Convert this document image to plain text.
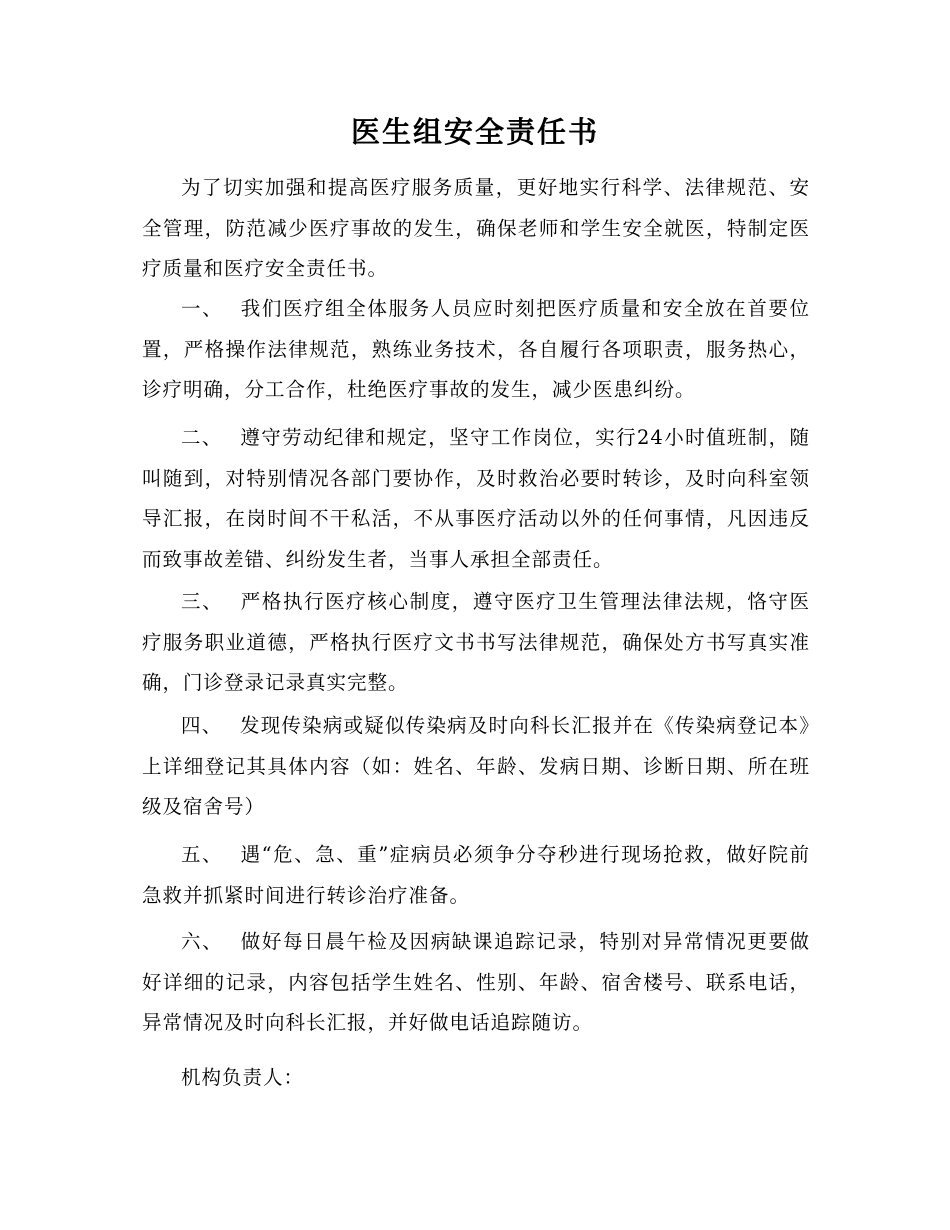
医生组安全责任书

为了切实加强和提高医疗服务质量，更好地实行科学、法律规范、安全管理，防范减少医疗事故的发生，确保老师和学生安全就医，特制定医疗质量和医疗安全责任书。

一、 我们医疗组全体服务人员应时刻把医疗质量和安全放在首要位置，严格操作法律规范，熟练业务技术，各自履行各项职责，服务热心，诊疗明确，分工合作，杜绝医疗事故的发生，减少医患纠纷。

二、 遵守劳动纪律和规定，坚守工作岗位，实行24小时值班制，随叫随到，对特别情况各部门要协作，及时救治必要时转诊，及时向科室领导汇报，在岗时间不干私活，不从事医疗活动以外的任何事情，凡因违反而致事故差错、纠纷发生者，当事人承担全部责任。

三、 严格执行医疗核心制度，遵守医疗卫生管理法律法规，恪守医疗服务职业道德，严格执行医疗文书书写法律规范，确保处方书写真实准确，门诊登录记录真实完整。

四、 发现传染病或疑似传染病及时向科长汇报并在《传染病登记本》上详细登记其具体内容（如：姓名、年龄、发病日期、诊断日期、所在班级及宿舍号）

五、 遇“危、急、重”症病员必须争分夺秒进行现场抢救，做好院前急救并抓紧时间进行转诊治疗准备。

六、 做好每日晨午检及因病缺课追踪记录，特别对异常情况更要做好详细的记录，内容包括学生姓名、性别、年龄、宿舍楼号、联系电话，异常情况及时向科长汇报，并好做电话追踪随访。

机构负责人：
